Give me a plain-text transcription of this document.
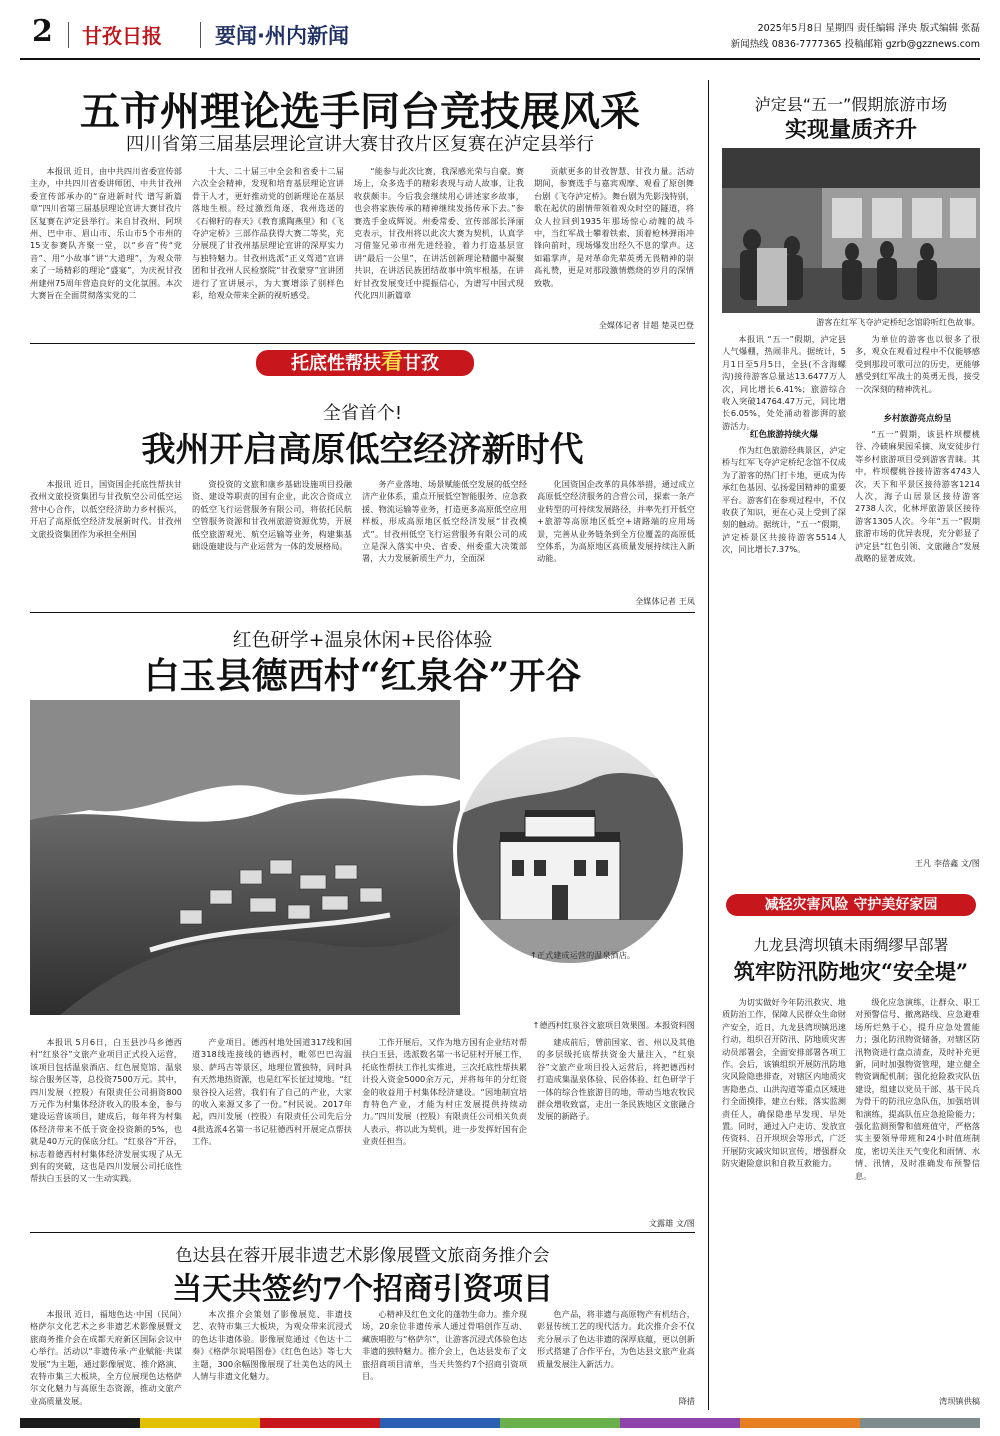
2 甘孜日报	要闻·州内新闻	2025年5月8日 星期四 责任编辑 泽央 版式编辑 张磊
新闻热线 0836-7777365 投稿邮箱 gzrb@gzznews.com
五市州理论选手同台竞技展风采
四川省第三届基层理论宣讲大赛甘孜片区复赛在泸定县举行

本报讯 近日，由中共四川省委宣传部主办，中共四川省委讲师团、中共甘孜州委宣传部承办的“奋进新时代 谱写新篇章”四川省第三届基层理论宣讲大赛甘孜片区复赛在泸定县举行。来自甘孜州、阿坝州、巴中市、眉山市、乐山市5个市州的15支参赛队齐聚一堂，以“乡音”传“党音”、用“小故事”讲“大道理”，为观众带来了一场精彩的理论“盛宴”，为庆祝甘孜州建州75周年营造良好的文化氛围。本次大赛旨在全面贯彻落实党的二

十大、二十届三中全会和省委十二届六次全会精神，发现和培育基层理论宣讲骨干人才，更好推动党的创新理论在基层落地生根。经过激烈角逐，我州选送的《石棉籽的春天》《教育熏陶燕里》和《飞夺泸定桥》三部作品获得大赛二等奖，充分展现了甘孜州基层理论宣讲的深厚实力与独特魅力。甘孜州选派“正义驾道”宣讲团和甘孜州人民检察院“甘孜蒙穿”宣讲团进行了宣讲展示，为大赛增添了别样色彩，给观众带来全新的视听感受。

“能参与此次比赛，我深感光荣与自豪。赛场上，众多选手的精彩表现与动人故事，让我收获颇丰。今后我会继续用心讲述家乡故事，也会将家族传承的精神继续发扬传承下去。”参赛选手金成辉说。州委常委、宣传部部长泽丽克表示，甘孜州将以此次大赛为契机，认真学习借鉴兄弟市州先进经验，着力打造基层宣讲“最后一公里”，在讲活创新理论精髓中凝聚共识，在讲活民族团结故事中筑牢根基，在讲好甘孜发展变迁中提振信心，为谱写中国式现代化四川新篇章

贡献更多的甘孜智慧、甘孜力量。活动期间，参赛选手与嘉宾观摩、观看了原创舞台剧《飞夺泸定桥》。舞台剧为先影浅特别，歌在起伏的剧情带领着观众时空的隧道，将众人拉回到1935年那场惊心动魄的战斗中，当红军战士攀着铁索、顶着枪林弹雨冲锋向前时，现场爆发出经久不息的掌声。这如霜掌声，是对革命先辈英勇无畏精神的崇高礼赞，更是对那段激情燃烧的岁月的深情致敬。

全媒体记者 甘超 楚灵巴登
托底性帮扶看甘孜
全省首个!
我州开启高原低空经济新时代

本报讯 近日，国资国企托底性帮扶甘孜州文旅投资集团与甘孜航空公司低空运营中心合作，以低空经济助力乡村振兴，开启了高原低空经济发展新时代。甘孜州文旅投资集团作为承担全州国

资投资的文旅和康乡基础设施项目投融资、建设等职责的国有企业，此次合资成立的低空飞行运营服务有限公司，将依托民航空管服务资源和甘孜州旅游资源优势，开展低空旅游观光、航空运输等业务，构建集基础设施建设与产业运营为一体的发展格局。

务产业落地、场景赋能低空发展的低空经济产业体系，重点开展低空智能服务、应急救援、物流运输等业务，打造更多高原低空应用样板，形成高原地区低空经济发展“甘孜模式”。甘孜州低空飞行运营服务有限公司的成立是深入落实中央、省委、州委重大决策部署，大力发展新质生产力，全面深

化国资国企改革的具体举措，通过成立高原低空经济服务的合营公司，探索一条产业转型的可持续发展路径，并率先打开低空+旅游等高原地区低空+诸路端的应用场景，完善从业务链条到全方位覆盖的高原低空体系，为高原地区高质量发展持续注入新动能。

全媒体记者 王凤
红色研学+温泉休闲+民俗体验
白玉县德西村“红泉谷”开谷
↑正式建成运营的温泉酒店。
↑德西村红泉谷文旅项目效果图。本报资料图

本报讯 5月6日，白玉县沙马乡德西村“红泉谷”文旅产业项目正式投入运营，该项目包括温泉酒店、红色展览馆、温泉综合服务区等，总投资7500万元。其中，四川发展（控股）有限责任公司捐资800万元作为村集体经济收入的股本金，参与建设运营该项目，建成后，每年将为村集体经济带来不低于资金投资额的5%，也就是40万元的保底分红。“红泉谷”开谷，标志着德西村村集体经济发展实现了从无到有的突破，这也是四川发展公司托底性帮扶白玉县的又一生动实践。

产业项目。德西村地处国道317线和国道318线连接线的德西村，毗邻巴巴沟温泉、萨玛吉等景区，地理位置独特，同时具有天然地热资源，也是红军长征过境地。“红泉谷投入运营，我们有了自己的产业，大家的收入来源又多了一份。”村民说。2017年起，四川发展（控股）有限责任公司先后分4批选派4名第一书记驻德西村开展定点帮扶工作。

工作开展后，又作为地方国有企业结对帮扶白玉县，选派数名第一书记驻村开展工作，托底性帮扶工作扎实推进，三次托底性帮扶累计投入资金5000余万元，并将每年的分红资金的收益用于村集体经济建设。“因地制宜培育特色产业，才能为村庄发展提供持续动力。”四川发展（控股）有限责任公司相关负责人表示，将以此为契机，进一步发挥好国有企业责任担当。

建成前后，曾前国家、省、州以及其他的多层级托底帮扶资金大量注入，“红泉谷”文旅产业项目投入运营后，将把德西村打造成集温泉体验、民俗体验、红色研学于一体的综合性旅游目的地，带动当地农牧民群众增收致富，走出一条民族地区文旅融合发展的新路子。

文露雄 文/图
色达县在蓉开展非遗艺术影像展暨文旅商务推介会
当天共签约7个招商引资项目

本报讯 近日，福地色达·中国（民间）格萨尔文化艺术之乡非遗艺术影像展暨文旅商务推介会在成都天府新区国际会议中心举行。活动以“非遗传承·产业赋能·共谋发展”为主题，通过影像展览、推介路演、农特市集三大板块，全方位展现色达格萨尔文化魅力与高原生态资源，推动文旅产业高质量发展。

本次推介会策划了影像展览、非遗技艺、农特市集三大板块，为观众带来沉浸式的色达非遗体验。影像展览通过《色达十二奏》《格萨尔说唱图卷》《红色色达》等七大主题，300余幅图像展现了壮美色达的风土人情与非遗文化魅力。

心精神及红色文化的蓬勃生命力。推介现场，20余位非遗传承人通过骨唱创作互动、藏族唱腔与“格萨尔”，让游客沉浸式体验色达非遗的独特魅力。推介会上，色达县发布了文旅招商项目清单，当天共签约7个招商引资项目。

色产品，将非遗与高原物产有机结合，彰显传统工艺的现代活力。此次推介会不仅充分展示了色达非遗的深厚底蕴，更以创新形式搭建了合作平台，为色达县文旅产业高质量发展注入新活力。

降措
泸定县“五一”假期旅游市场
实现量质齐升
游客在红军飞夺泸定桥纪念馆聆听红色故事。

本报讯 “五一”假期，泸定县人气爆棚，热闹非凡。据统计，5月1日至5月5日，全县(不含海螺沟)接待游客总量达13.6477万人次，同比增长6.41%；旅游综合收入突破14764.47万元，同比增长6.05%，处处涌动着澎湃的旅游活力。

为单位的游客也以很多了很多，观众在观看过程中不仅能够感受到那段可歌可泣的历史，更能够感受到红军战士的英勇无畏，接受一次深刻的精神洗礼。

红色旅游持续火爆

作为红色旅游经典景区，泸定桥与红军飞夺泸定桥纪念馆不仅成为了游客的热门打卡地，更成为传承红色基因、弘扬爱国精神的重要平台。游客们在参观过程中，不仅收获了知识，更在心灵上受到了深刻的触动。据统计，“五一”假期，泸定桥景区共接待游客5514人次，同比增长7.37%。

乡村旅游亮点纷呈

“五一”假期，该县杵坝樱桃谷、冷碛麻果园采摘、岚安徒步行等乡村旅游项目受到游客青睐。其中，杵坝樱桃谷接待游客4743人次，天下和平景区接待游客1214人次，海子山居景区接待游客2738人次，化林坪旅游景区接待游客1305人次。今年“五一”假期旅游市场的优异表现，充分彰显了泸定县“红色引领、文旅融合”发展战略的显著成效。

王凡 李蓓鑫 文/图
减轻灾害风险 守护美好家园
九龙县湾坝镇未雨绸缪早部署
筑牢防汛防地灾“安全堤”

为切实做好今年防汛救灾、地质防治工作，保障人民群众生命财产安全，近日，九龙县湾坝镇迅速行动，组织召开防汛、防地质灾害动员部署会，全面安排部署各项工作。会后，该镇组织开展防汛防地灾风险隐患排查，对辖区内地质灾害隐患点、山洪沟道等重点区域进行全面摸排，建立台账，落实监测责任人，确保隐患早发现、早处置。同时，通过入户走访、发放宣传资料、召开坝坝会等形式，广泛开展防灾减灾知识宣传，增强群众防灾避险意识和自救互救能力。

级化应急演练，让群众、职工对预警信号、撤离路线、应急避难场所烂熟于心，提升应急处置能力；强化防汛物资储备，对辖区防汛物资进行盘点清查，及时补充更新，同时加强物资管理，建立健全物资调配机制；强化抢险救灾队伍建设，组建以党员干部、基干民兵为骨干的防汛应急队伍，加强培训和演练，提高队伍应急抢险能力；强化监测预警和值班值守，严格落实主要领导带班和24小时值班制度，密切关注天气变化和雨情、水情、汛情，及时准确发布预警信息。

湾坝镇供稿
